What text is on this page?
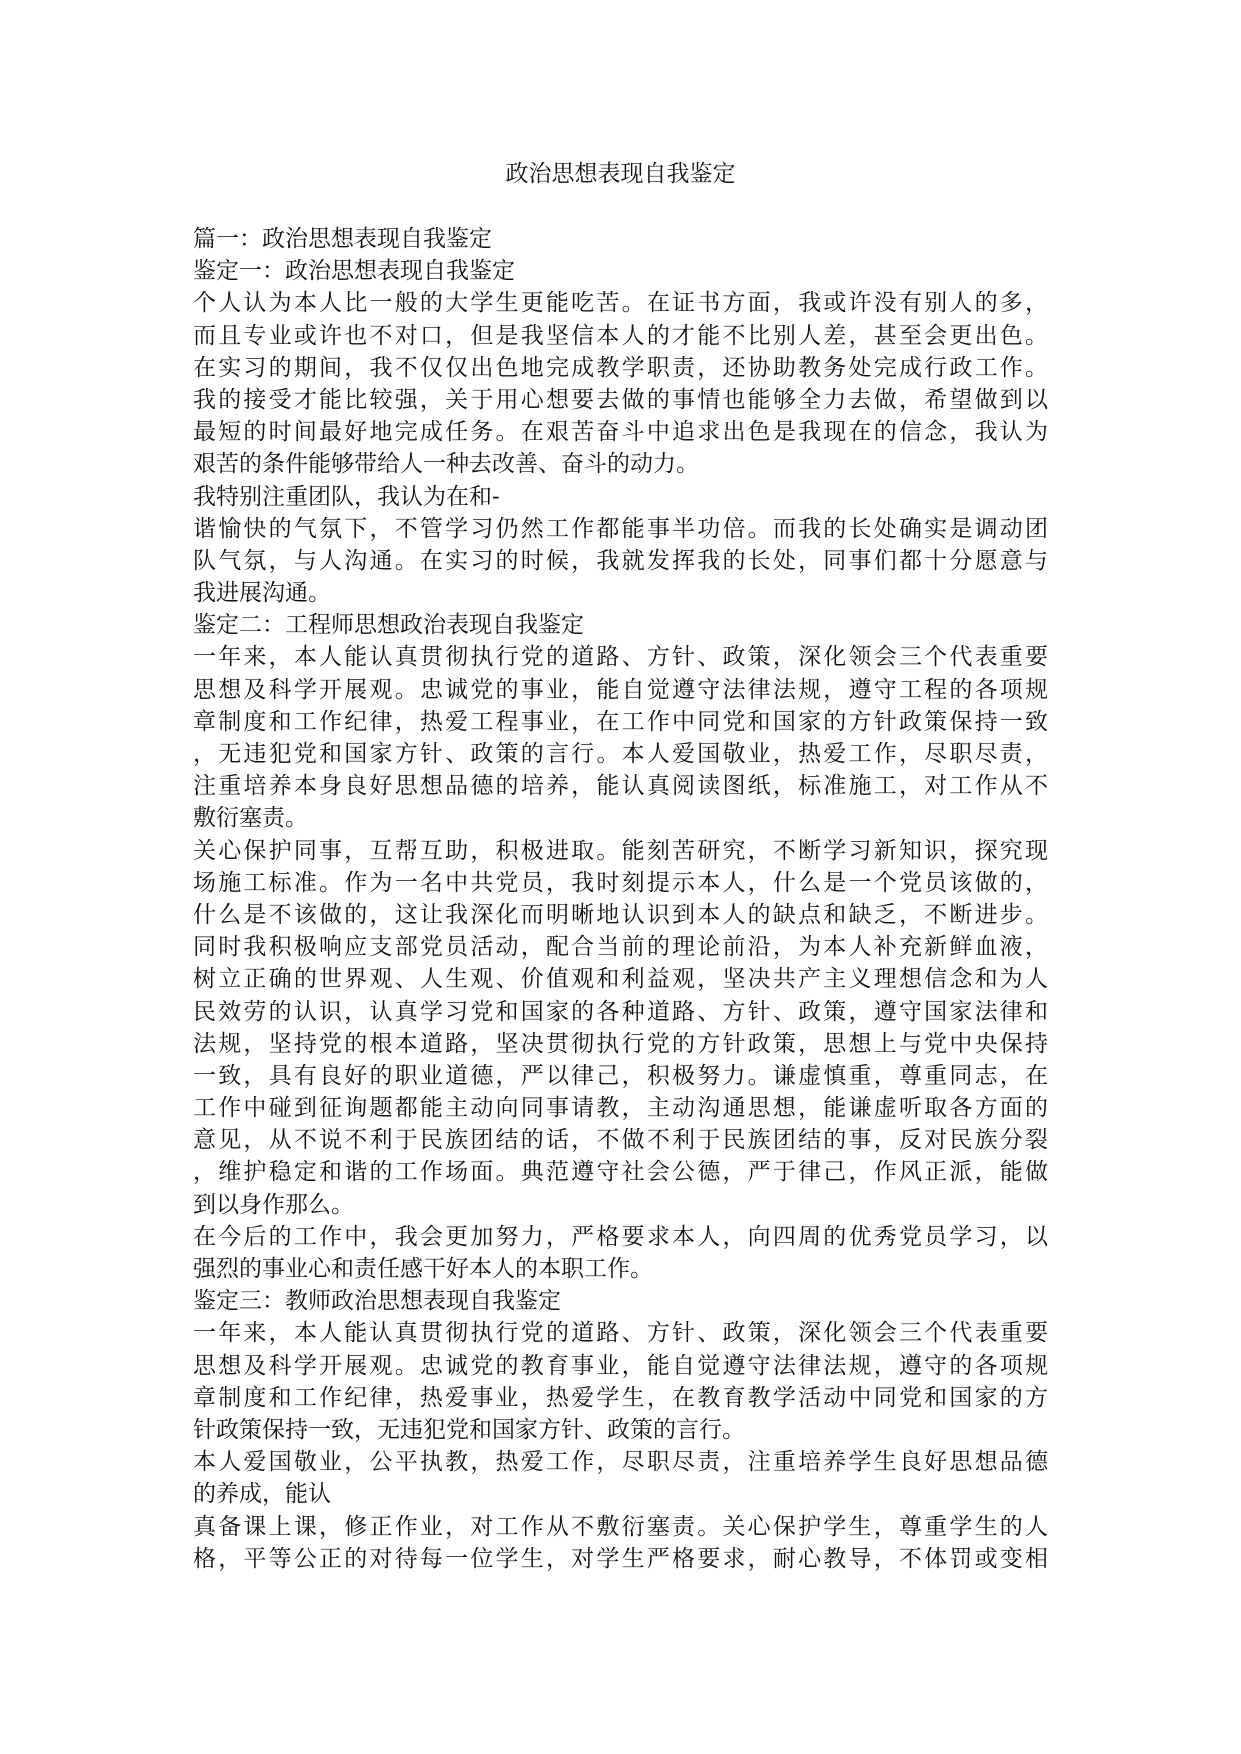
政治思想表现自我鉴定
篇一：政治思想表现自我鉴定
鉴定一：政治思想表现自我鉴定
个人认为本人比一般的大学生更能吃苦。在证书方面，我或许没有别人的多，
而且专业或许也不对口，但是我坚信本人的才能不比别人差，甚至会更出色。
在实习的期间，我不仅仅出色地完成教学职责，还协助教务处完成行政工作。
我的接受才能比较强，关于用心想要去做的事情也能够全力去做，希望做到以
最短的时间最好地完成任务。在艰苦奋斗中追求出色是我现在的信念，我认为
艰苦的条件能够带给人一种去改善、奋斗的动力。
我特别注重团队，我认为在和-
谐愉快的气氛下，不管学习仍然工作都能事半功倍。而我的长处确实是调动团
队气氛，与人沟通。在实习的时候，我就发挥我的长处，同事们都十分愿意与
我进展沟通。
鉴定二：工程师思想政治表现自我鉴定
一年来，本人能认真贯彻执行党的道路、方针、政策，深化领会三个代表重要
思想及科学开展观。忠诚党的事业，能自觉遵守法律法规，遵守工程的各项规
章制度和工作纪律，热爱工程事业，在工作中同党和国家的方针政策保持一致
，无违犯党和国家方针、政策的言行。本人爱国敬业，热爱工作，尽职尽责，
注重培养本身良好思想品德的培养，能认真阅读图纸，标准施工，对工作从不
敷衍塞责。
关心保护同事，互帮互助，积极进取。能刻苦研究，不断学习新知识，探究现
场施工标准。作为一名中共党员，我时刻提示本人，什么是一个党员该做的，
什么是不该做的，这让我深化而明晰地认识到本人的缺点和缺乏，不断进步。
同时我积极响应支部党员活动，配合当前的理论前沿，为本人补充新鲜血液，
树立正确的世界观、人生观、价值观和利益观，坚决共产主义理想信念和为人
民效劳的认识，认真学习党和国家的各种道路、方针、政策，遵守国家法律和
法规，坚持党的根本道路，坚决贯彻执行党的方针政策，思想上与党中央保持
一致，具有良好的职业道德，严以律己，积极努力。谦虚慎重，尊重同志，在
工作中碰到征询题都能主动向同事请教，主动沟通思想，能谦虚听取各方面的
意见，从不说不利于民族团结的话，不做不利于民族团结的事，反对民族分裂
，维护稳定和谐的工作场面。典范遵守社会公德，严于律己，作风正派，能做
到以身作那么。
在今后的工作中，我会更加努力，严格要求本人，向四周的优秀党员学习，以
强烈的事业心和责任感干好本人的本职工作。
鉴定三：教师政治思想表现自我鉴定
一年来，本人能认真贯彻执行党的道路、方针、政策，深化领会三个代表重要
思想及科学开展观。忠诚党的教育事业，能自觉遵守法律法规，遵守的各项规
章制度和工作纪律，热爱事业，热爱学生，在教育教学活动中同党和国家的方
针政策保持一致，无违犯党和国家方针、政策的言行。
本人爱国敬业，公平执教，热爱工作，尽职尽责，注重培养学生良好思想品德
的养成，能认
真备课上课，修正作业，对工作从不敷衍塞责。关心保护学生，尊重学生的人
格，平等公正的对待每一位学生，对学生严格要求，耐心教导，不体罚或变相
